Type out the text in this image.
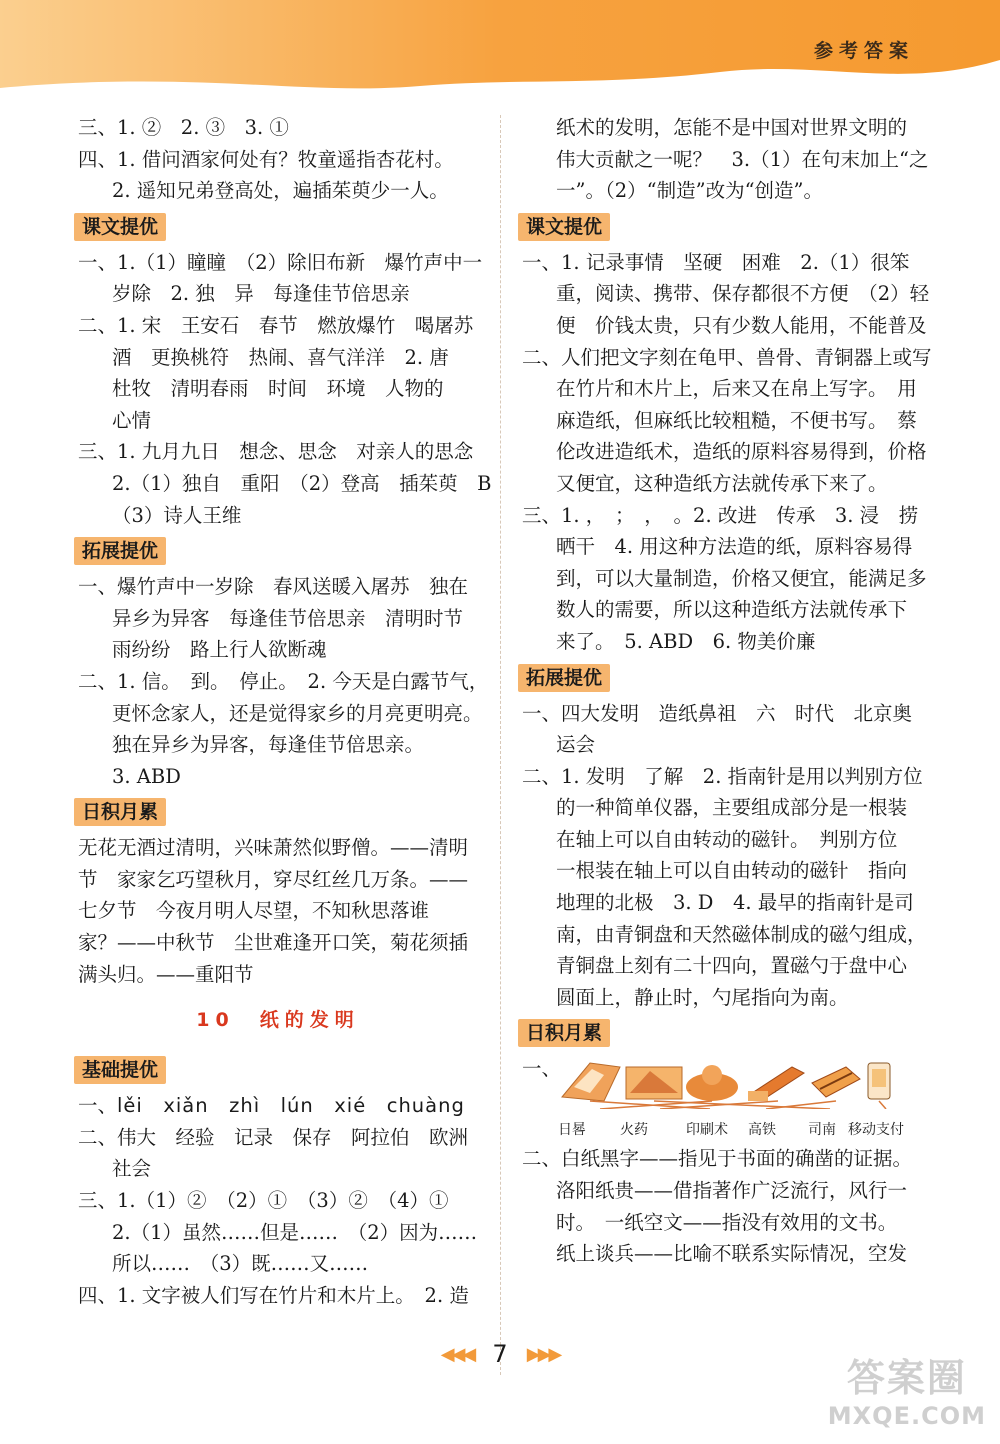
参考答案
三、1. ②　2. ③　3. ①
四、1. 借问酒家何处有？牧童遥指杏花村。
2. 遥知兄弟登高处，遍插茱萸少一人。
课文提优
一、1.（1）瞳瞳　（2）除旧布新　爆竹声中一
岁除　2. 独　异　每逢佳节倍思亲
二、1. 宋　王安石　春节　燃放爆竹　喝屠苏
酒　更换桃符　热闹、喜气洋洋　2. 唐
杜牧　清明春雨　时间　环境　人物的
心情
三、1. 九月九日　想念、思念　对亲人的思念
2.（1）独自　重阳　（2）登高　插茱萸　B
（3）诗人王维
拓展提优
一、爆竹声中一岁除　春风送暖入屠苏　独在
异乡为异客　每逢佳节倍思亲　清明时节
雨纷纷　路上行人欲断魂
二、1. 信。　到。　停止。　2. 今天是白露节气，
更怀念家人，还是觉得家乡的月亮更明亮。
独在异乡为异客，每逢佳节倍思亲。
3. ABD
日积月累
无花无酒过清明，兴味萧然似野僧。——清明
节　家家乞巧望秋月，穿尽红丝几万条。——
七夕节　今夜月明人尽望，不知秋思落谁
家？——中秋节　尘世难逢开口笑，菊花须插
满头归。——重阳节
10　纸的发明
基础提优
一、lěi　xiǎn　zhì　lún　xié　chuàng
二、伟大　经验　记录　保存　阿拉伯　欧洲
社会
三、1.（1）②　（2）①　（3）②　（4）①
2.（1）虽然……但是……　（2）因为……
所以……　（3）既……又……
四、1. 文字被人们写在竹片和木片上。　2. 造
纸术的发明，怎能不是中国对世界文明的
伟大贡献之一呢？　3.（1）在句末加上“之
一”。（2）“制造”改为“创造”。
课文提优
一、1. 记录事情　坚硬　困难　2.（1）很笨
重，阅读、携带、保存都很不方便　（2）轻
便　价钱太贵，只有少数人能用，不能普及
二、人们把文字刻在龟甲、兽骨、青铜器上或写
在竹片和木片上，后来又在帛上写字。　用
麻造纸，但麻纸比较粗糙，不便书写。　蔡
伦改进造纸术，造纸的原料容易得到，价格
又便宜，这种造纸方法就传承下来了。
三、1. ，　；　，　。2. 改进　传承　3. 浸　捞
晒干　4. 用这种方法造的纸，原料容易得
到，可以大量制造，价格又便宜，能满足多
数人的需要，所以这种造纸方法就传承下
来了。　5. ABD　6. 物美价廉
拓展提优
一、四大发明　造纸鼻祖　六　时代　北京奥
运会
二、1. 发明　了解　2. 指南针是用以判别方位
的一种简单仪器，主要组成部分是一根装
在轴上可以自由转动的磁针。　判别方位
一根装在轴上可以自由转动的磁针　指向
地理的北极　3. D　4. 最早的指南针是司
南，由青铜盘和天然磁体制成的磁勺组成，
青铜盘上刻有二十四向，置磁勺于盘中心
圆面上，静止时，勺尾指向为南。
日积月累
一、
日晷 火药	印刷术 高铁 司南 移动支付
二、白纸黑字——指见于书面的确凿的证据。
洛阳纸贵——借指著作广泛流行，风行一
时。　一纸空文——指没有效用的文书。
纸上谈兵——比喻不联系实际情况，空发
◀◀◀ 7 ▶▶▶
答案圈
MXQE.COM
